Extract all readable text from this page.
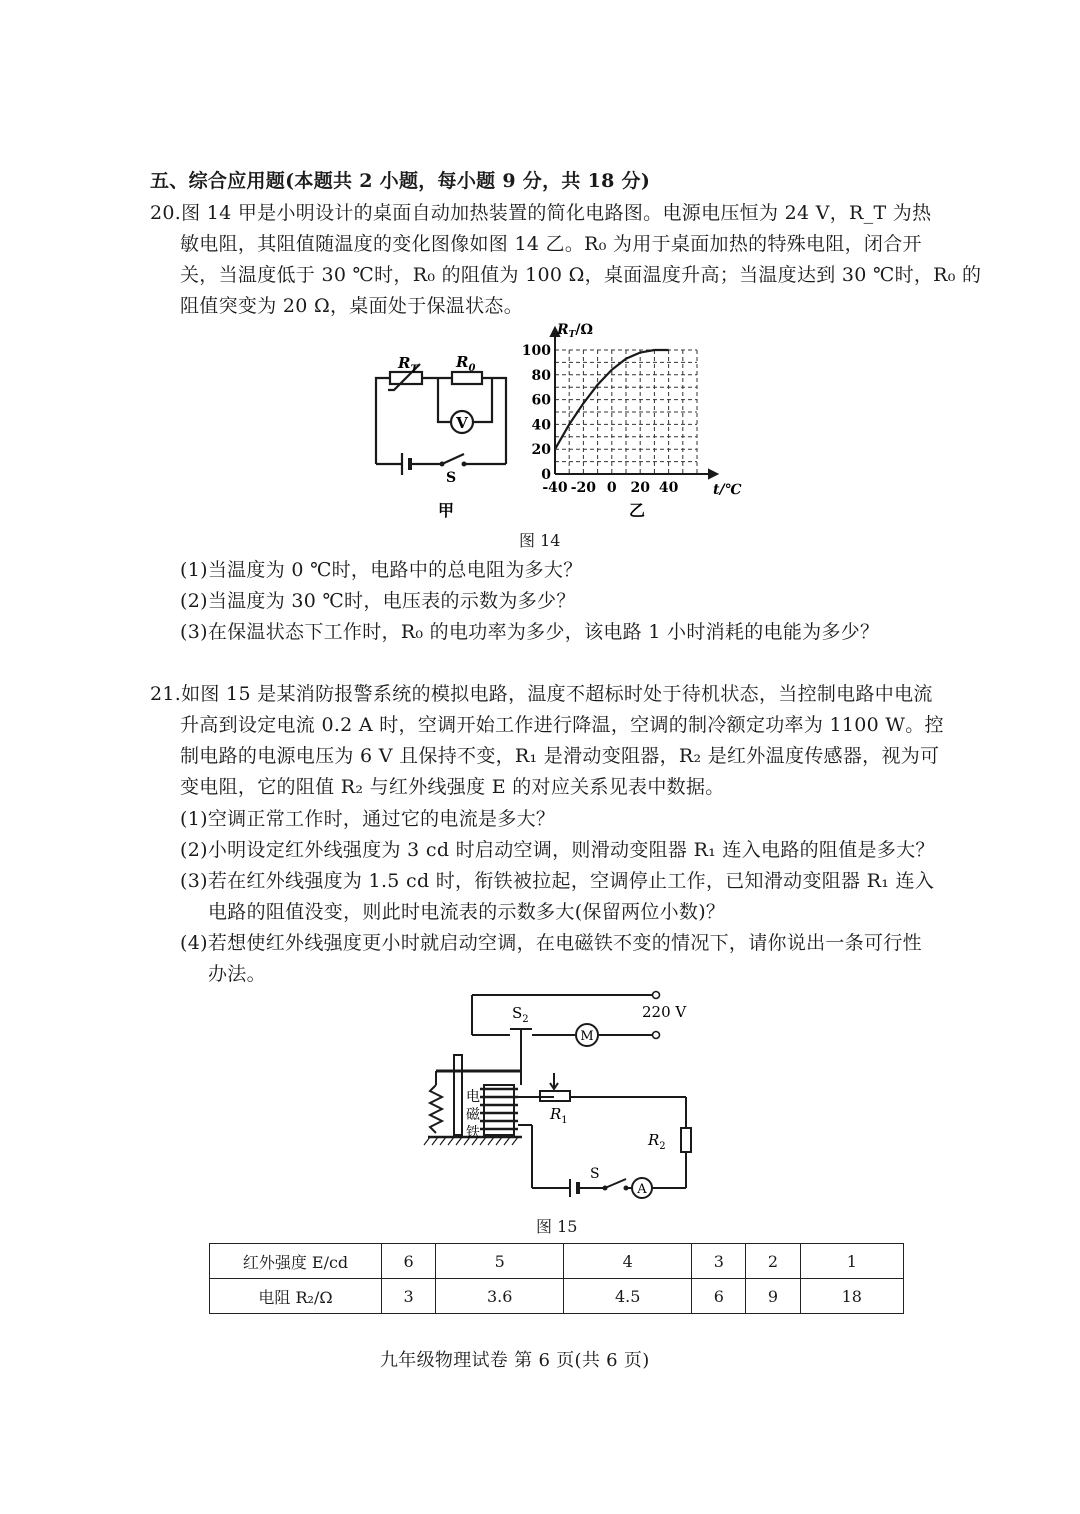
五、综合应用题(本题共 2 小题，每小题 9 分，共 18 分)
20.图 14 甲是小明设计的桌面自动加热装置的简化电路图。电源电压恒为 24 V，R_T 为热
敏电阻，其阻值随温度的变化图像如图 14 乙。R₀ 为用于桌面加热的特殊电阻，闭合开
关，当温度低于 30 ℃时，R₀ 的阻值为 100 Ω，桌面温度升高；当温度达到 30 ℃时，R₀ 的
阻值突变为 20 Ω，桌面处于保温状态。
$R_T$	$R_0$
V
S
甲
0
20
40
60
80
100
-40 -20 0 20 40
$R_T/\Omega$
t/℃
乙
图 14
(1)当温度为 0 ℃时，电路中的总电阻为多大？
(2)当温度为 30 ℃时，电压表的示数为多少？
(3)在保温状态下工作时，R₀ 的电功率为多少，该电路 1 小时消耗的电能为多少？
21.如图 15 是某消防报警系统的模拟电路，温度不超标时处于待机状态，当控制电路中电流
升高到设定电流 0.2 A 时，空调开始工作进行降温，空调的制冷额定功率为 1100 W。控
制电路的电源电压为 6 V 且保持不变，R₁ 是滑动变阻器，R₂ 是红外温度传感器，视为可
变电阻，它的阻值 R₂ 与红外线强度 E 的对应关系见表中数据。
(1)空调正常工作时，通过它的电流是多大？
(2)小明设定红外线强度为 3 cd 时启动空调，则滑动变阻器 R₁ 连入电路的阻值是多大？
(3)若在红外线强度为 1.5 cd 时，衔铁被拉起，空调停止工作，已知滑动变阻器 R₁ 连入
电路的阻值没变，则此时电流表的示数多大(保留两位小数)？
(4)若想使红外线强度更小时就启动空调，在电磁铁不变的情况下，请你说出一条可行性
办法。
220 V
$S_2$
M
电
磁
铁
$R_1$
$R_2$
S
A
图 15
红外强度 E/cd	6	5	4	3	2	1
电阻 R₂/Ω	3	3.6	4.5	6	9	18
九年级物理试卷 第 6 页(共 6 页)
